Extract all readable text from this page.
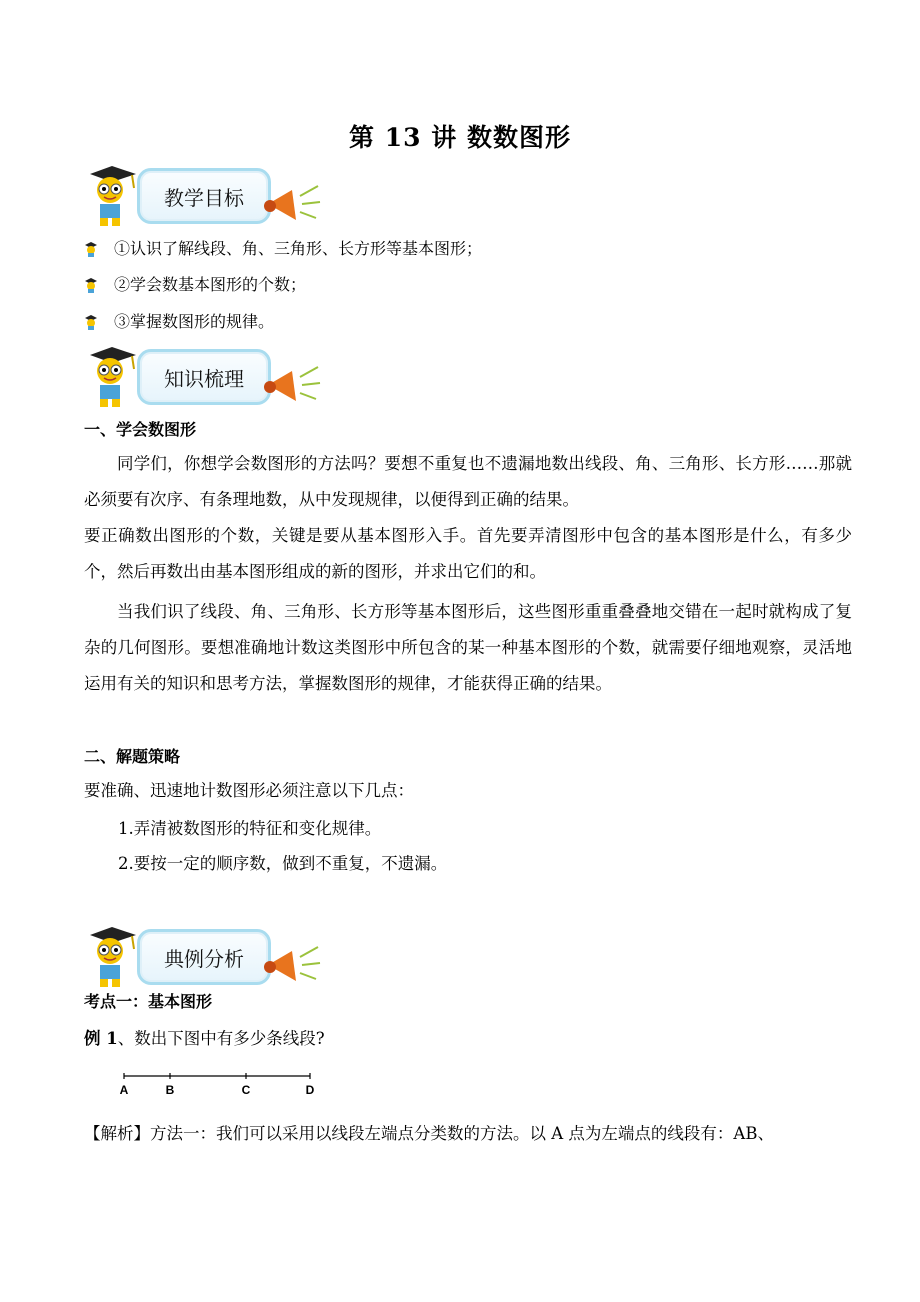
第 13 讲 数数图形
教学目标
①认识了解线段、角、三角形、长方形等基本图形；
②学会数基本图形的个数；
③掌握数图形的规律。
知识梳理
一、学会数图形
同学们，你想学会数图形的方法吗？要想不重复也不遗漏地数出线段、角、三角形、长方形……那就必须要有次序、有条理地数，从中发现规律，以便得到正确的结果。
要正确数出图形的个数，关键是要从基本图形入手。首先要弄清图形中包含的基本图形是什么，有多少个，然后再数出由基本图形组成的新的图形，并求出它们的和。
当我们识了线段、角、三角形、长方形等基本图形后，这些图形重重叠叠地交错在一起时就构成了复杂的几何图形。要想准确地计数这类图形中所包含的某一种基本图形的个数，就需要仔细地观察，灵活地运用有关的知识和思考方法，掌握数图形的规律，才能获得正确的结果。
二、解题策略
要准确、迅速地计数图形必须注意以下几点：
1.弄清被数图形的特征和变化规律。
2.要按一定的顺序数，做到不重复，不遗漏。
典例分析
考点一：基本图形
例 1、数出下图中有多少条线段?
A	B	C	D
【解析】方法一：我们可以采用以线段左端点分类数的方法。以 A 点为左端点的线段有：AB、
